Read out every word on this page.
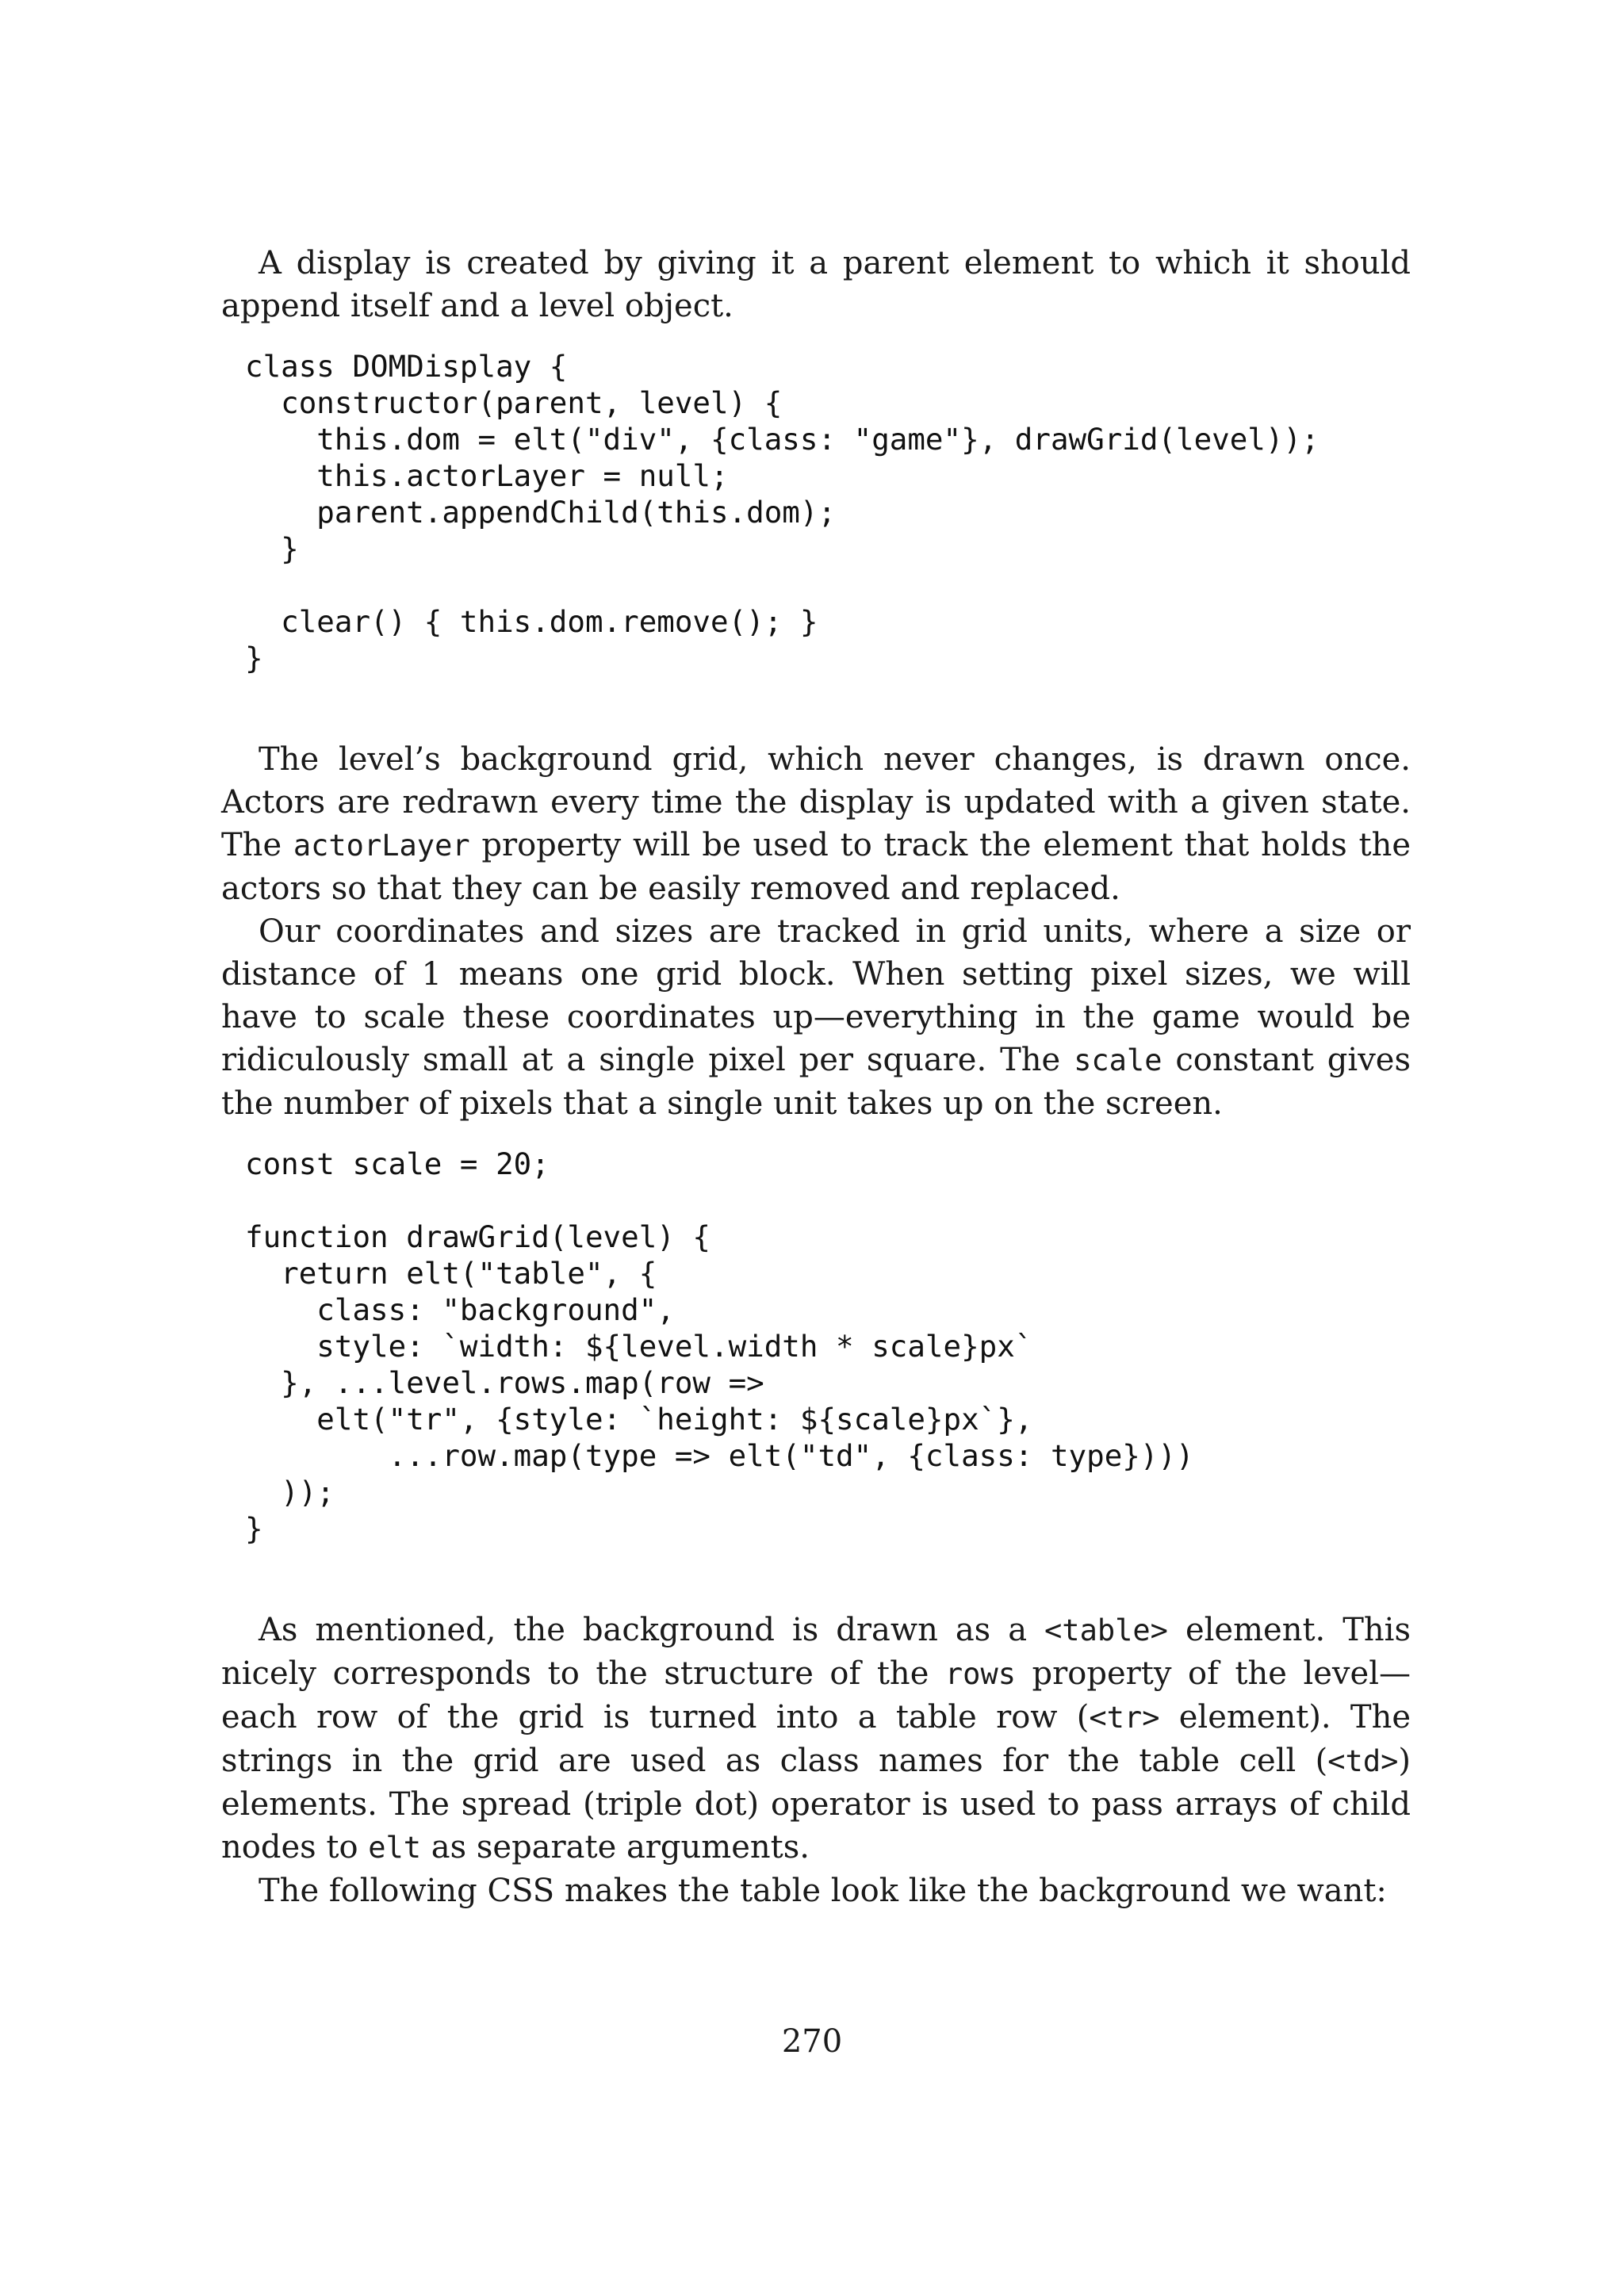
A display is created by giving it a parent element to which it should append itself and a level object.

class DOMDisplay {
constructor(parent, level) {
this.dom = elt("div", {class: "game"}, drawGrid(level));
this.actorLayer = null;
parent.appendChild(this.dom);
}

clear() { this.dom.remove(); }
}

The level’s background grid, which never changes, is drawn once. Actors are redrawn every time the display is updated with a given state. The actorLayer property will be used to track the element that holds the actors so that they can be easily removed and replaced.

Our coordinates and sizes are tracked in grid units, where a size or distance of 1 means one grid block. When setting pixel sizes, we will have to scale these coordinates up—everything in the game would be ridiculously small at a single pixel per square. The scale constant gives the number of pixels that a single unit takes up on the screen.

const scale = 20;

function drawGrid(level) {
return elt("table", {
class: "background",
style: `width: ${level.width * scale}px`
}, ...level.rows.map(row =>
elt("tr", {style: `height: ${scale}px`},
...row.map(type => elt("td", {class: type})))
));
}

As mentioned, the background is drawn as a <table> element. This nicely corresponds to the structure of the rows property of the level—each row of the grid is turned into a table row (<tr> element). The strings in the grid are used as class names for the table cell (<td>) elements. The spread (triple dot) operator is used to pass arrays of child nodes to elt as separate arguments.

The following CSS makes the table look like the background we want:

270
